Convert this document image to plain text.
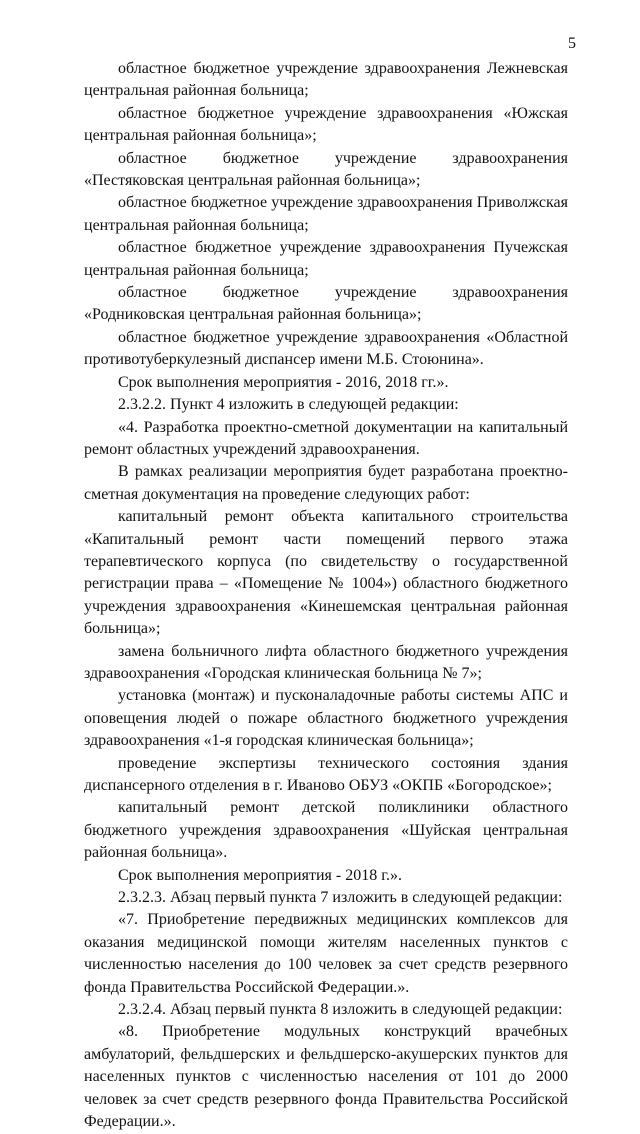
5

областное бюджетное учреждение здравоохранения Лежневская центральная районная больница;

областное бюджетное учреждение здравоохранения «Южская центральная районная больница»;

областное бюджетное учреждение здравоохранения «Пестяковская центральная районная больница»;

областное бюджетное учреждение здравоохранения Приволжская центральная районная больница;

областное бюджетное учреждение здравоохранения Пучежская центральная районная больница;

областное бюджетное учреждение здравоохранения «Родниковская центральная районная больница»;

областное бюджетное учреждение здравоохранения «Областной противотуберкулезный диспансер имени М.Б. Стоюнина».

Срок выполнения мероприятия - 2016, 2018 гг.».

2.3.2.2. Пункт 4 изложить в следующей редакции:

«4. Разработка проектно-сметной документации на капитальный ремонт областных учреждений здравоохранения.

В рамках реализации мероприятия будет разработана проектно-сметная документация на проведение следующих работ:

капитальный ремонт объекта капитального строительства «Капитальный ремонт части помещений первого этажа терапевтического корпуса (по свидетельству о государственной регистрации права – «Помещение № 1004») областного бюджетного учреждения здравоохранения «Кинешемская центральная районная больница»;

замена больничного лифта областного бюджетного учреждения здравоохранения «Городская клиническая больница № 7»;

установка (монтаж) и пусконаладочные работы системы АПС и оповещения людей о пожаре областного бюджетного учреждения здравоохранения «1-я городская клиническая больница»;

проведение экспертизы технического состояния здания диспансерного отделения в г. Иваново ОБУЗ «ОКПБ «Богородское»;

капитальный ремонт детской поликлиники областного бюджетного учреждения здравоохранения «Шуйская центральная районная больница».

Срок выполнения мероприятия - 2018 г.».

2.3.2.3. Абзац первый пункта 7 изложить в следующей редакции:

«7. Приобретение передвижных медицинских комплексов для оказания медицинской помощи жителям населенных пунктов с численностью населения до 100 человек за счет средств резервного фонда Правительства Российской Федерации.».

2.3.2.4. Абзац первый пункта 8 изложить в следующей редакции:

«8. Приобретение модульных конструкций врачебных амбулаторий, фельдшерских и фельдшерско-акушерских пунктов для населенных пунктов с численностью населения от 101 до 2000 человек за счет средств резервного фонда Правительства Российской Федерации.».
